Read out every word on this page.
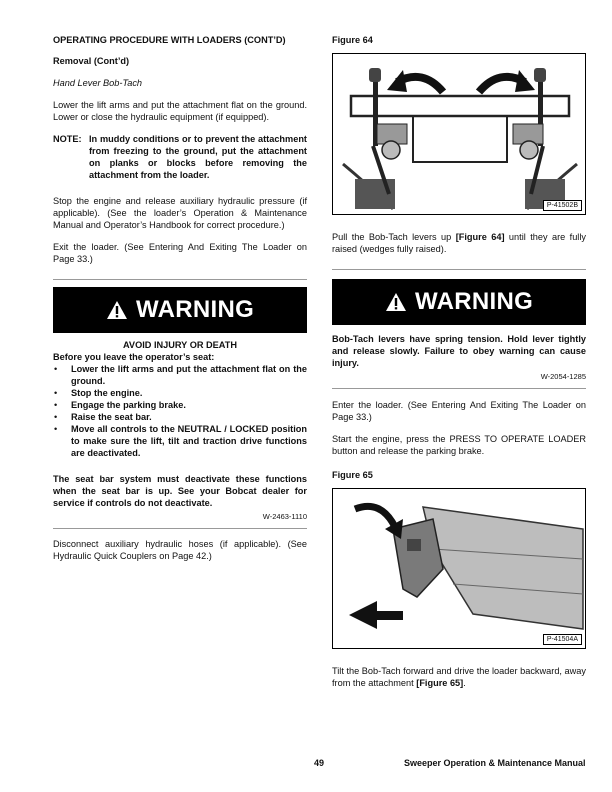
OPERATING PROCEDURE WITH LOADERS (CONT’D)

Removal (Cont’d)

Hand Lever Bob-Tach

Lower the lift arms and put the attachment flat on the ground. Lower or close the hydraulic equipment (if equipped).

NOTE: In muddy conditions or to prevent the attachment from freezing to the ground, put the attachment on planks or blocks before removing the attachment from the loader.

Stop the engine and release auxiliary hydraulic pressure (if applicable). (See the loader’s Operation & Maintenance Manual and Operator’s Handbook for correct procedure.)

Exit the loader. (See Entering And Exiting The Loader on Page 33.)

WARNING

AVOID INJURY OR DEATH

Before you leave the operator’s seat:

• Lower the lift arms and put the attachment flat on the ground.
• Stop the engine.
• Engage the parking brake.
• Raise the seat bar.
• Move all controls to the NEUTRAL / LOCKED position to make sure the lift, tilt and traction drive functions are deactivated.

The seat bar system must deactivate these functions when the seat bar is up. See your Bobcat dealer for service if controls do not deactivate.

W-2463-1110

Disconnect auxiliary hydraulic hoses (if applicable). (See Hydraulic Quick Couplers on Page 42.)

Figure 64

P-41502B

Pull the Bob-Tach levers up [Figure 64] until they are fully raised (wedges fully raised).

WARNING

Bob-Tach levers have spring tension. Hold lever tightly and release slowly. Failure to obey warning can cause injury.

W-2054-1285

Enter the loader. (See Entering And Exiting The Loader on Page 33.)

Start the engine, press the PRESS TO OPERATE LOADER button and release the parking brake.

Figure 65

P-41504A

Tilt the Bob-Tach forward and drive the loader backward, away from the attachment [Figure 65].

49	Sweeper Operation & Maintenance Manual
